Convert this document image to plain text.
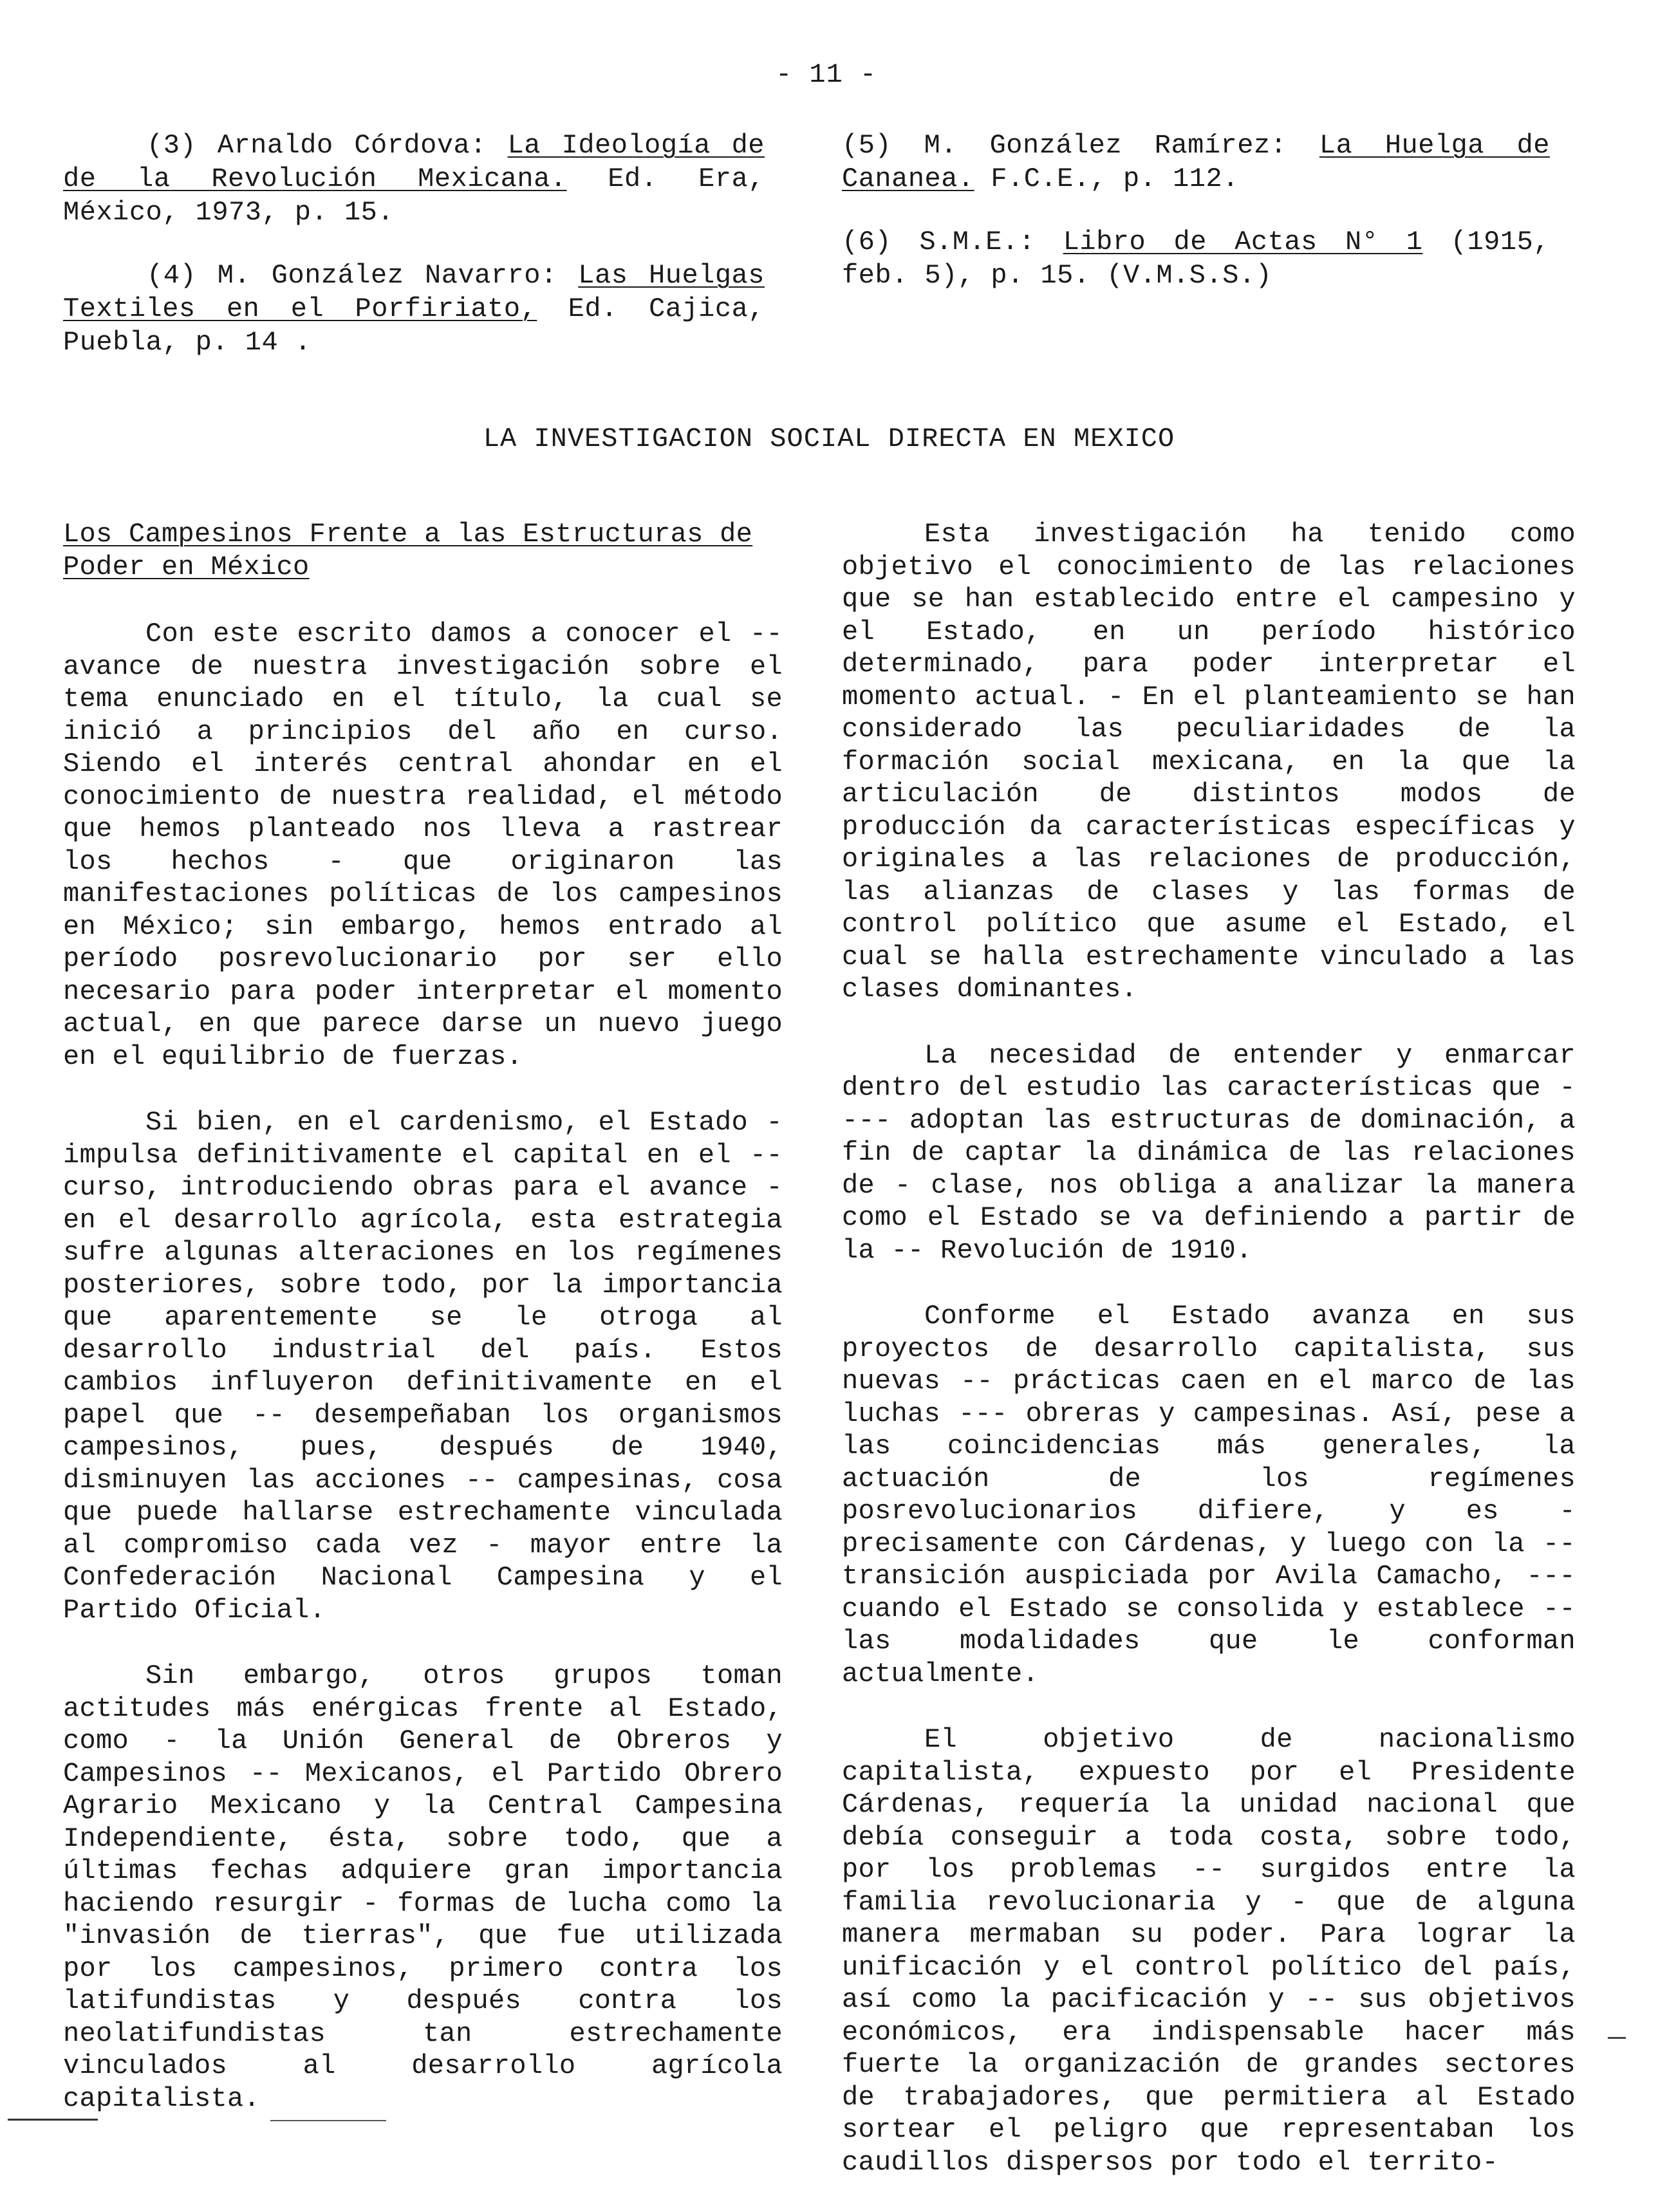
- 11 -
(3) Arnaldo Córdova: La Ideología de de la Revolución Mexicana. Ed. Era, México, 1973, p. 15.
(4) M. González Navarro: Las Huelgas Textiles en el Porfiriato, Ed. Cajica, Puebla, p. 14 .
(5) M. González Ramírez: La Huelga de Cananea. F.C.E., p. 112.
(6) S.M.E.: Libro de Actas N° 1 (1915, feb. 5), p. 15. (V.M.S.S.)
LA INVESTIGACION SOCIAL DIRECTA EN MEXICO

Los Campesinos Frente a las Estructuras de Poder en México

Con este escrito damos a conocer el -- avance de nuestra investigación sobre el tema enunciado en el título, la cual se inició a principios del año en curso. Siendo el interés central ahondar en el conocimiento de nuestra realidad, el método que hemos planteado nos lleva a rastrear los hechos - que originaron las manifestaciones políticas de los campesinos en México; sin embargo, hemos entrado al período posrevolucionario por ser ello necesario para poder interpretar el momento actual, en que parece darse un nuevo juego en el equilibrio de fuerzas.

Si bien, en el cardenismo, el Estado - impulsa definitivamente el capital en el -- curso, introduciendo obras para el avance - en el desarrollo agrícola, esta estrategia sufre algunas alteraciones en los regímenes posteriores, sobre todo, por la importancia que aparentemente se le otroga al desarrollo industrial del país. Estos cambios influyeron definitivamente en el papel que -- desempeñaban los organismos campesinos, pues, después de 1940, disminuyen las acciones -- campesinas, cosa que puede hallarse estrechamente vinculada al compromiso cada vez - mayor entre la Confederación Nacional Campesina y el Partido Oficial.

Sin embargo, otros grupos toman actitudes más enérgicas frente al Estado, como - la Unión General de Obreros y Campesinos -- Mexicanos, el Partido Obrero Agrario Mexicano y la Central Campesina Independiente, ésta, sobre todo, que a últimas fechas adquiere gran importancia haciendo resurgir - formas de lucha como la "invasión de tierras", que fue utilizada por los campesinos, primero contra los latifundistas y después contra los neolatifundistas tan estrechamente vinculados al desarrollo agrícola capitalista.

Esta investigación ha tenido como objetivo el conocimiento de las relaciones que se han establecido entre el campesino y el Estado, en un período histórico determinado, para poder interpretar el momento actual. - En el planteamiento se han considerado las peculiaridades de la formación social mexicana, en la que la articulación de distintos modos de producción da características específicas y originales a las relaciones de producción, las alianzas de clases y las formas de control político que asume el Estado, el cual se halla estrechamente vinculado a las clases dominantes.

La necesidad de entender y enmarcar dentro del estudio las características que ---- adoptan las estructuras de dominación, a fin de captar la dinámica de las relaciones de - clase, nos obliga a analizar la manera como el Estado se va definiendo a partir de la -- Revolución de 1910.

Conforme el Estado avanza en sus proyectos de desarrollo capitalista, sus nuevas -- prácticas caen en el marco de las luchas --- obreras y campesinas. Así, pese a las coincidencias más generales, la actuación de los regímenes posrevolucionarios difiere, y es - precisamente con Cárdenas, y luego con la -- transición auspiciada por Avila Camacho, --- cuando el Estado se consolida y establece -- las modalidades que le conforman actualmente.

El objetivo de nacionalismo capitalista, expuesto por el Presidente Cárdenas, requería la unidad nacional que debía conseguir a toda costa, sobre todo, por los problemas -- surgidos entre la familia revolucionaria y - que de alguna manera mermaban su poder. Para lograr la unificación y el control político del país, así como la pacificación y -- sus objetivos económicos, era indispensable hacer más fuerte la organización de grandes sectores de trabajadores, que permitiera al Estado sortear el peligro que representaban los caudillos dispersos por todo el territo-
